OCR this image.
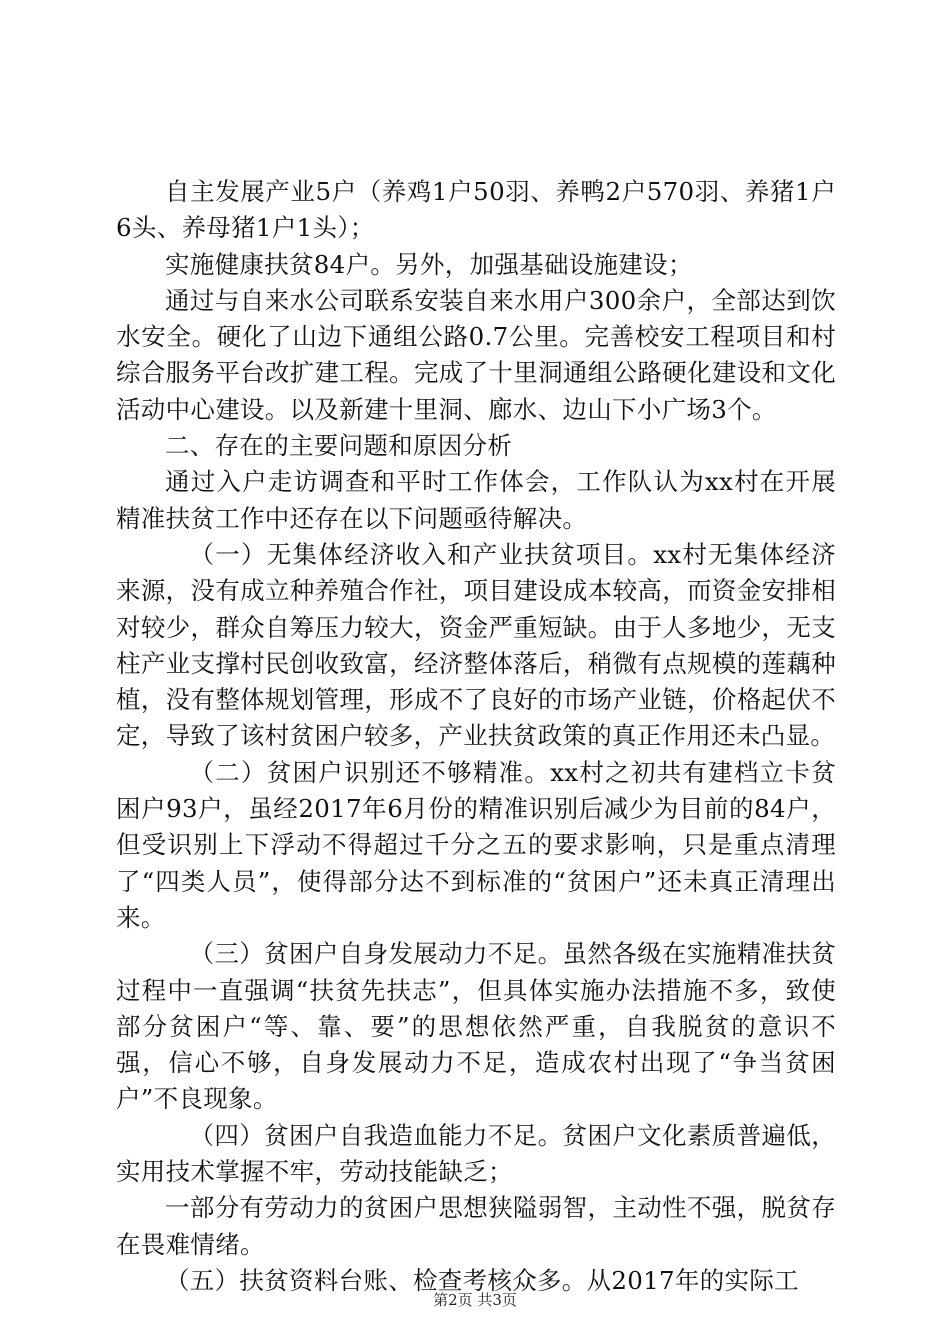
自主发展产业5户（养鸡1户50羽、养鸭2户570羽、养猪1户6头、养母猪1户1头）；

实施健康扶贫84户。另外，加强基础设施建设；

通过与自来水公司联系安装自来水用户300余户，全部达到饮水安全。硬化了山边下通组公路0.7公里。完善校安工程项目和村综合服务平台改扩建工程。完成了十里洞通组公路硬化建设和文化活动中心建设。以及新建十里洞、廊水、边山下小广场3个。

二、存在的主要问题和原因分析

通过入户走访调查和平时工作体会，工作队认为xx村在开展精准扶贫工作中还存在以下问题亟待解决。

（一）无集体经济收入和产业扶贫项目。xx村无集体经济来源，没有成立种养殖合作社，项目建设成本较高，而资金安排相对较少，群众自筹压力较大，资金严重短缺。由于人多地少，无支柱产业支撑村民创收致富，经济整体落后，稍微有点规模的莲藕种植，没有整体规划管理，形成不了良好的市场产业链，价格起伏不定，导致了该村贫困户较多，产业扶贫政策的真正作用还未凸显。

（二）贫困户识别还不够精准。xx村之初共有建档立卡贫困户93户，虽经2017年6月份的精准识别后减少为目前的84户，但受识别上下浮动不得超过千分之五的要求影响，只是重点清理了“四类人员”，使得部分达不到标准的“贫困户”还未真正清理出来。

（三）贫困户自身发展动力不足。虽然各级在实施精准扶贫过程中一直强调“扶贫先扶志”，但具体实施办法措施不多，致使部分贫困户“等、靠、要”的思想依然严重，自我脱贫的意识不强，信心不够，自身发展动力不足，造成农村出现了“争当贫困户”不良现象。

（四）贫困户自我造血能力不足。贫困户文化素质普遍低，实用技术掌握不牢，劳动技能缺乏；

一部分有劳动力的贫困户思想狭隘弱智，主动性不强，脱贫存在畏难情绪。

（五）扶贫资料台账、检查考核众多。从2017年的实际工

第2页 共3页
